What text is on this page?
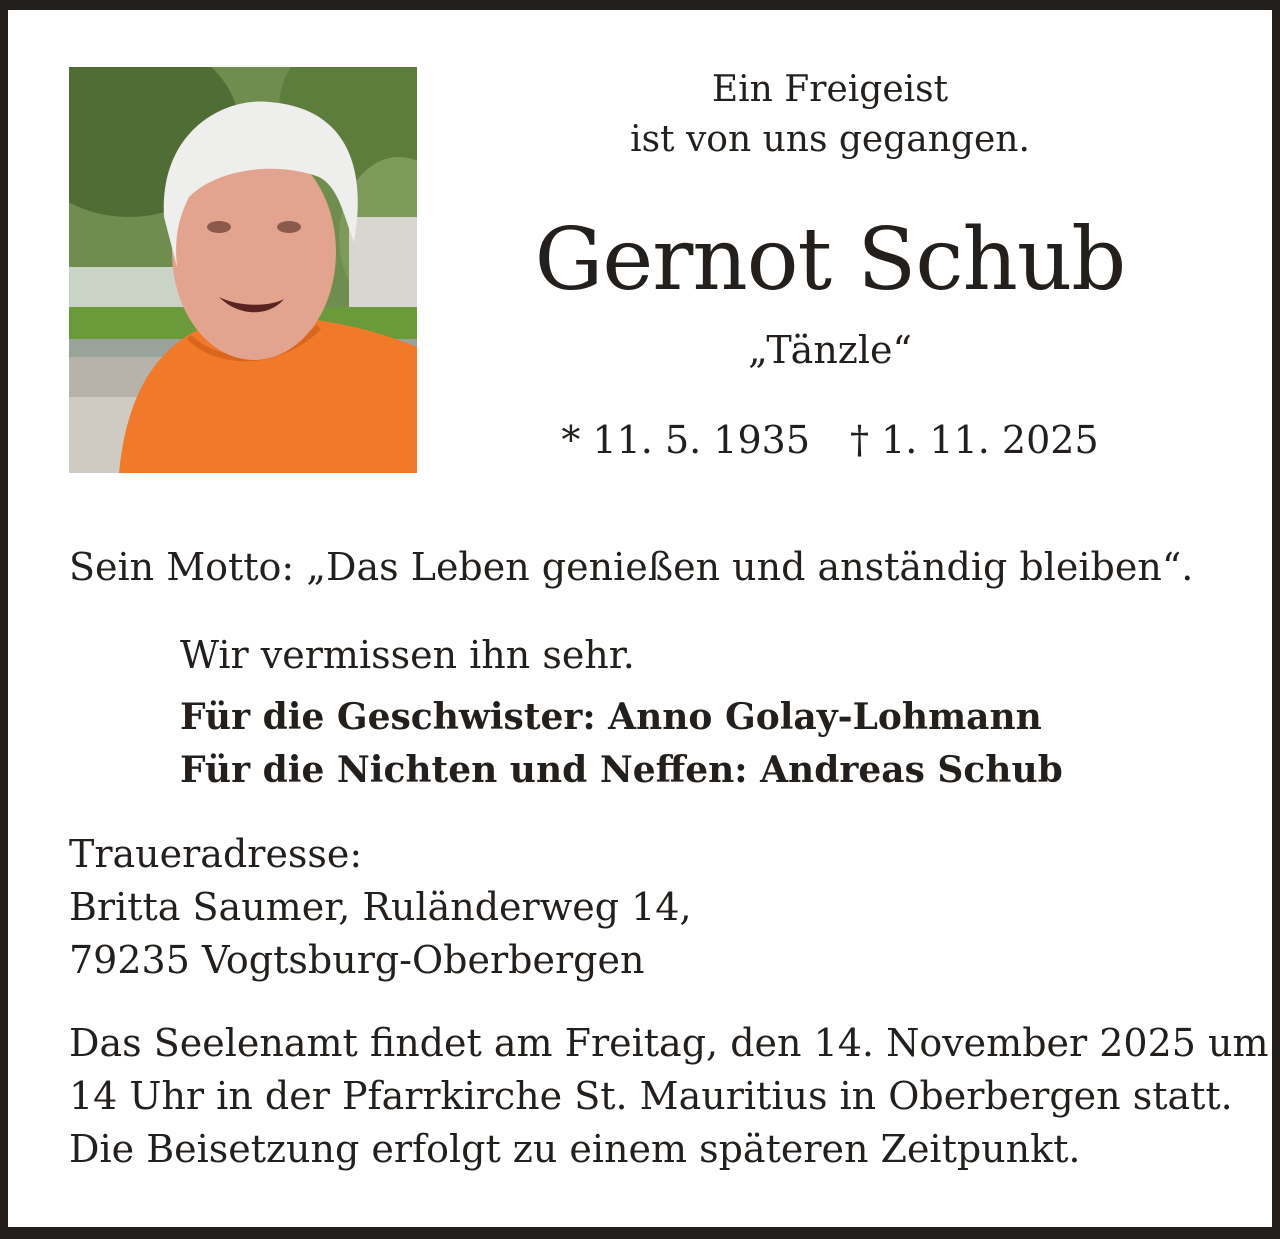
Ein Freigeist
ist von uns gegangen.
Gernot Schub
„Tänzle“
* 11. 5. 1935 † 1. 11. 2025
Sein Motto: „Das Leben genießen und anständig bleiben“.
Wir vermissen ihn sehr.
Für die Geschwister: Anno Golay-Lohmann
Für die Nichten und Neffen: Andreas Schub
Traueradresse:
Britta Saumer, Ruländerweg 14,
79235 Vogtsburg-Oberbergen
Das Seelenamt findet am Freitag, den 14. November 2025 um
14 Uhr in der Pfarrkirche St. Mauritius in Oberbergen statt.
Die Beisetzung erfolgt zu einem späteren Zeitpunkt.
